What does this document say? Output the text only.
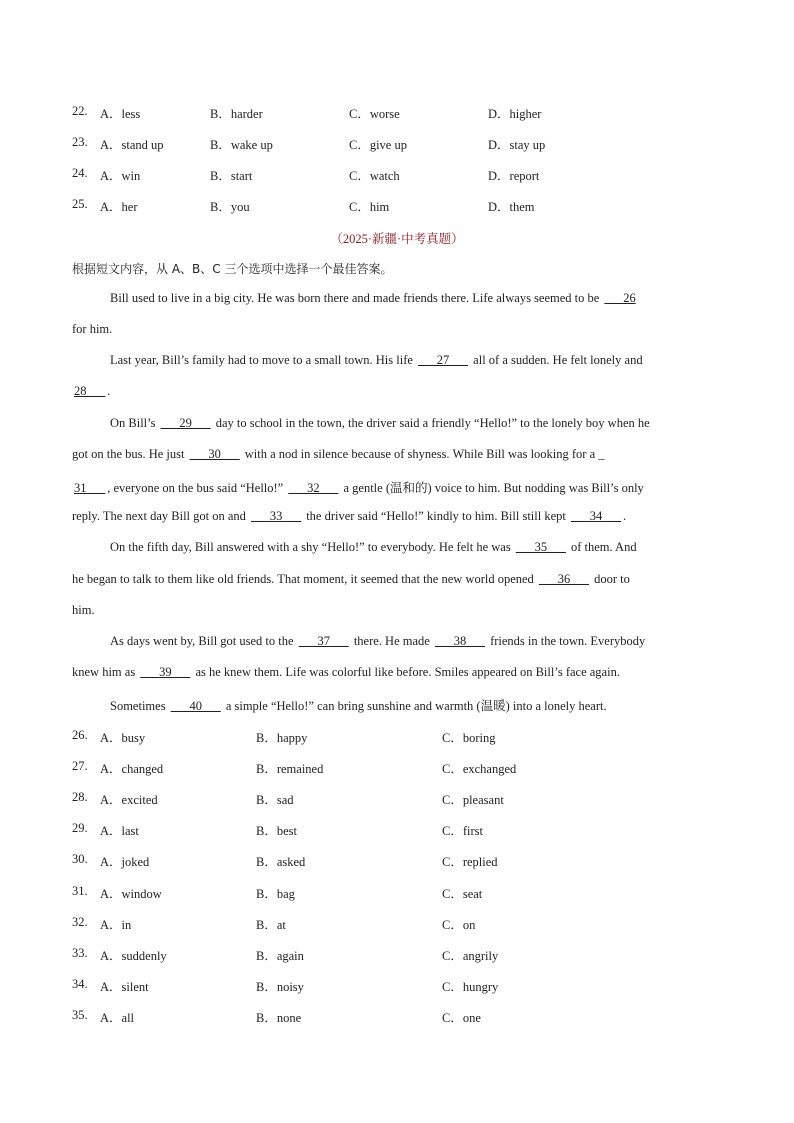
22. A．less	B．harder	C．worse	D．higher
23. A．stand up	B．wake up	C．give up	D．stay up
24. A．win	B．start	C．watch	D．report
25. A．her	B．you	C．him	D．them
（2025·新疆·中考真题）
根据短文内容，从 A、B、C 三个选项中选择一个最佳答案。
Bill used to live in a big city. He was born there and made friends there. Life always seemed to be ___26
for him.
Last year, Bill’s family had to move to a small town. His life ___27___ all of a sudden. He felt lonely and
28___ .
On Bill’s ___29___ day to school in the town, the driver said a friendly “Hello!” to the lonely boy when he
got on the bus. He just ___30___ with a nod in silence because of shyness. While Bill was looking for a _
31___ , everyone on the bus said “Hello!” ___32___ a gentle (温和的) voice to him. But nodding was Bill’s only
reply. The next day Bill got on and ___33___ the driver said “Hello!” kindly to him. Bill still kept ___34___ .
On the fifth day, Bill answered with a shy “Hello!” to everybody. He felt he was ___35___ of them. And
he began to talk to them like old friends. That moment, it seemed that the new world opened ___36___ door to
him.
As days went by, Bill got used to the ___37___ there. He made ___38___ friends in the town. Everybody
knew him as ___39___ as he knew them. Life was colorful like before. Smiles appeared on Bill’s face again.
Sometimes ___40___ a simple “Hello!” can bring sunshine and warmth (温暖) into a lonely heart.
26. A．busy	B．happy	C．boring
27. A．changed	B．remained	C．exchanged
28. A．excited	B．sad	C．pleasant
29. A．last	B．best	C．first
30. A．joked	B．asked	C．replied
31. A．window	B．bag	C．seat
32. A．in	B．at	C．on
33. A．suddenly	B．again	C．angrily
34. A．silent	B．noisy	C．hungry
35. A．all	B．none	C．one
